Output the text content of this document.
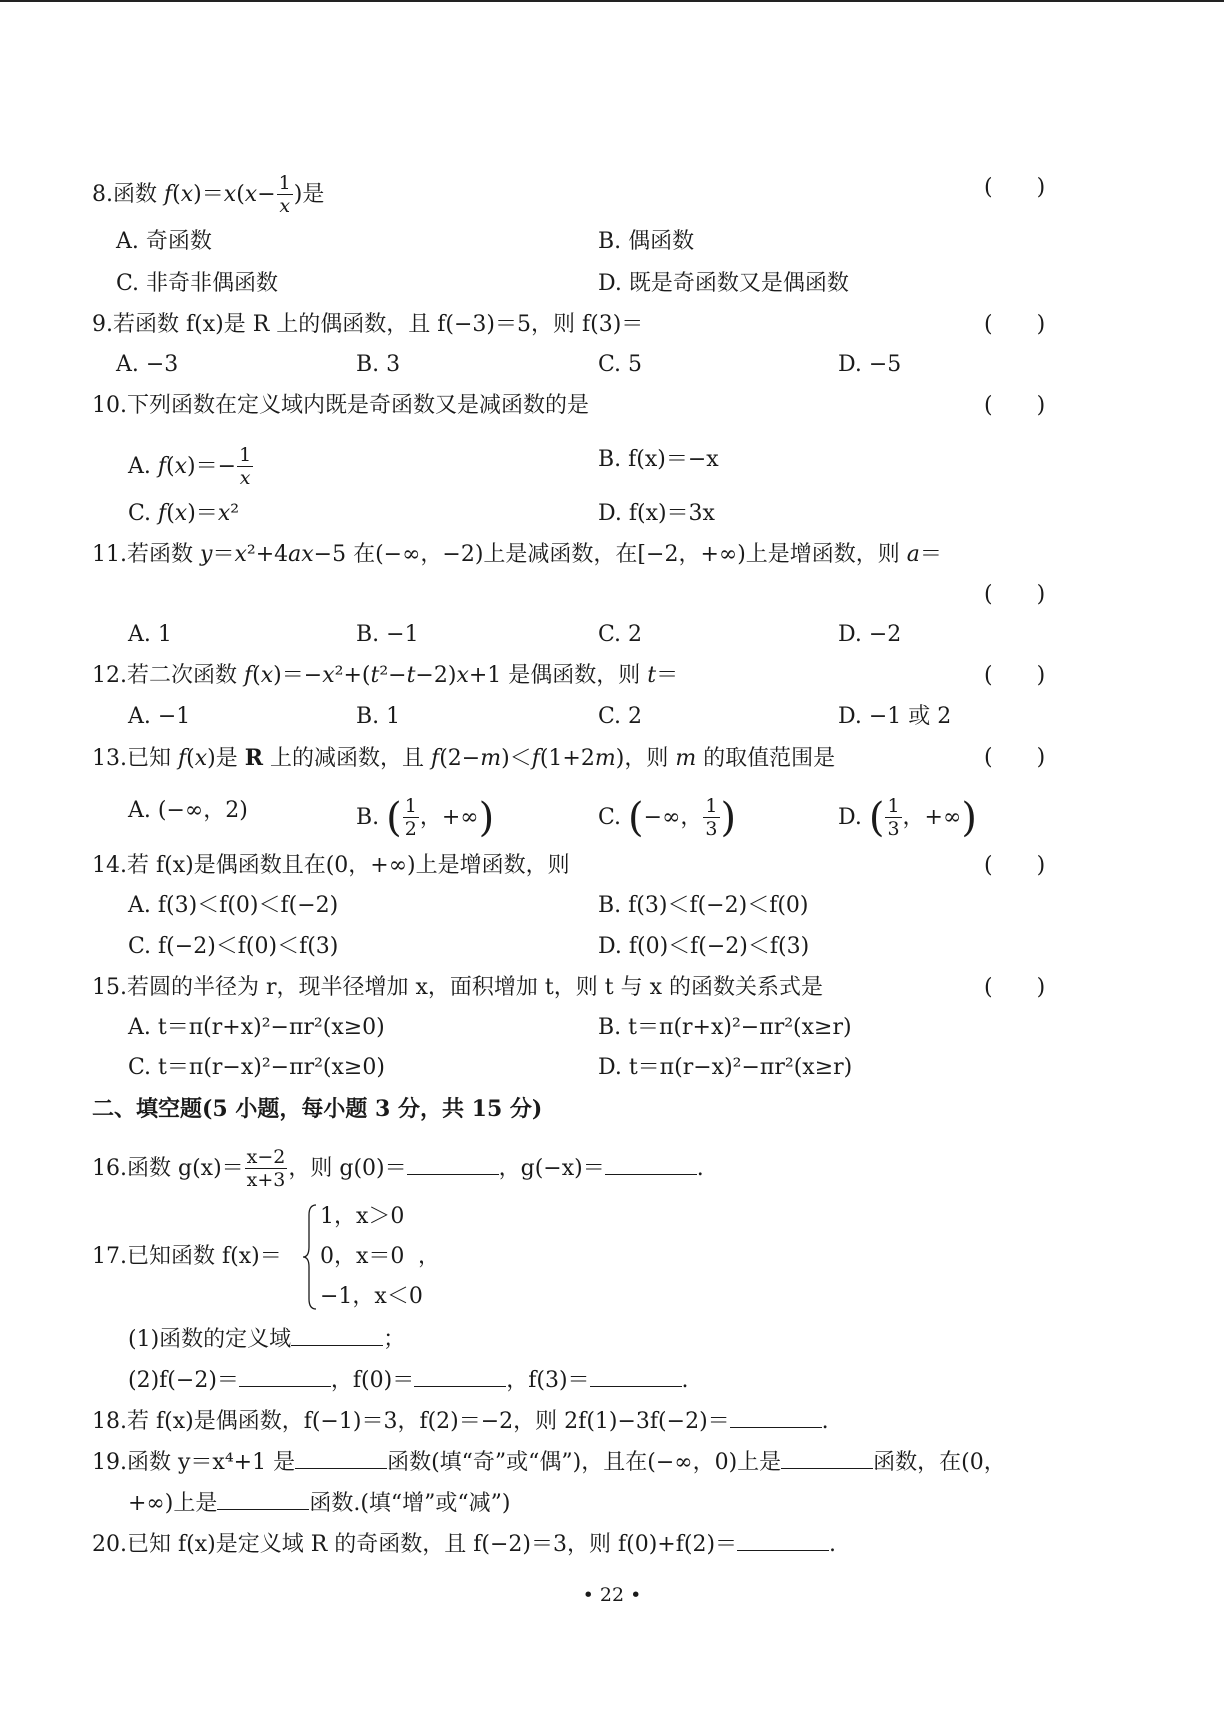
8.函数 $f(x)=x(x- \frac{1}{x}$ )是	(　　)
A. 奇函数	B. 偶函数
C. 非奇非偶函数	D. 既是奇函数又是偶函数
9.若函数 f(x)是 R 上的偶函数，且 f(−3)＝5，则 f(3)＝	(　　)
A. −3	B. 3	C. 5	D. −5
10.下列函数在定义域内既是奇函数又是减函数的是	(　　)
A. $f(x)=- \frac{1}{x}$	B. f(x)＝−x
C. f(x)＝x²	D. f(x)＝3x
11.若函数 y＝x²+4ax−5 在(−∞，−2)上是减函数，在[−2，+∞)上是增函数，则 a＝
(　　)
A. 1	B. −1	C. 2	D. −2
12.若二次函数 f(x)＝−x²+(t²−t−2)x+1 是偶函数，则 t＝	(　　)
A. −1	B. 1	C. 2	D. −1 或 2
13.已知 f(x)是 R 上的减函数，且 f(2−m)＜f(1+2m)，则 m 的取值范围是	(　　)
A. (−∞，2)	B. ( $\frac{1}{2}$ ，+∞)	C. (−∞， $\frac{1}{3}$ )	D. ( $\frac{1}{3}$ ，+∞)
14.若 f(x)是偶函数且在(0，+∞)上是增函数，则	(　　)
A. f(3)＜f(0)＜f(−2)	B. f(3)＜f(−2)＜f(0)
C. f(−2)＜f(0)＜f(3)	D. f(0)＜f(−2)＜f(3)
15.若圆的半径为 r，现半径增加 x，面积增加 t，则 t 与 x 的函数关系式是	(　　)
A. t＝π(r+x)²−πr²(x≥0)	B. t＝π(r+x)²−πr²(x≥r)
C. t＝π(r−x)²−πr²(x≥0)	D. t＝π(r−x)²−πr²(x≥r)
二、填空题(5 小题，每小题 3 分，共 15 分)
16.函数 $g(x)= \frac{x-2}{x+3}$ ，则 g(0)＝	，g(−x)＝	.
17.已知函数 f(x)＝
1，x＞0
0，x＝0
−1，x＜0
，
(1)函数的定义域	；
(2)f(−2)＝	，f(0)＝	，f(3)＝	.
18.若 f(x)是偶函数，f(−1)＝3，f(2)＝−2，则 2f(1)−3f(−2)＝	.
19.函数 y＝x⁴+1 是	函数(填“奇”或“偶”)，且在(−∞，0)上是	函数，在(0，
+∞)上是	函数.(填“增”或“减”)
20.已知 f(x)是定义域 R 的奇函数，且 f(−2)＝3，则 f(0)+f(2)＝	.
• 22 •
